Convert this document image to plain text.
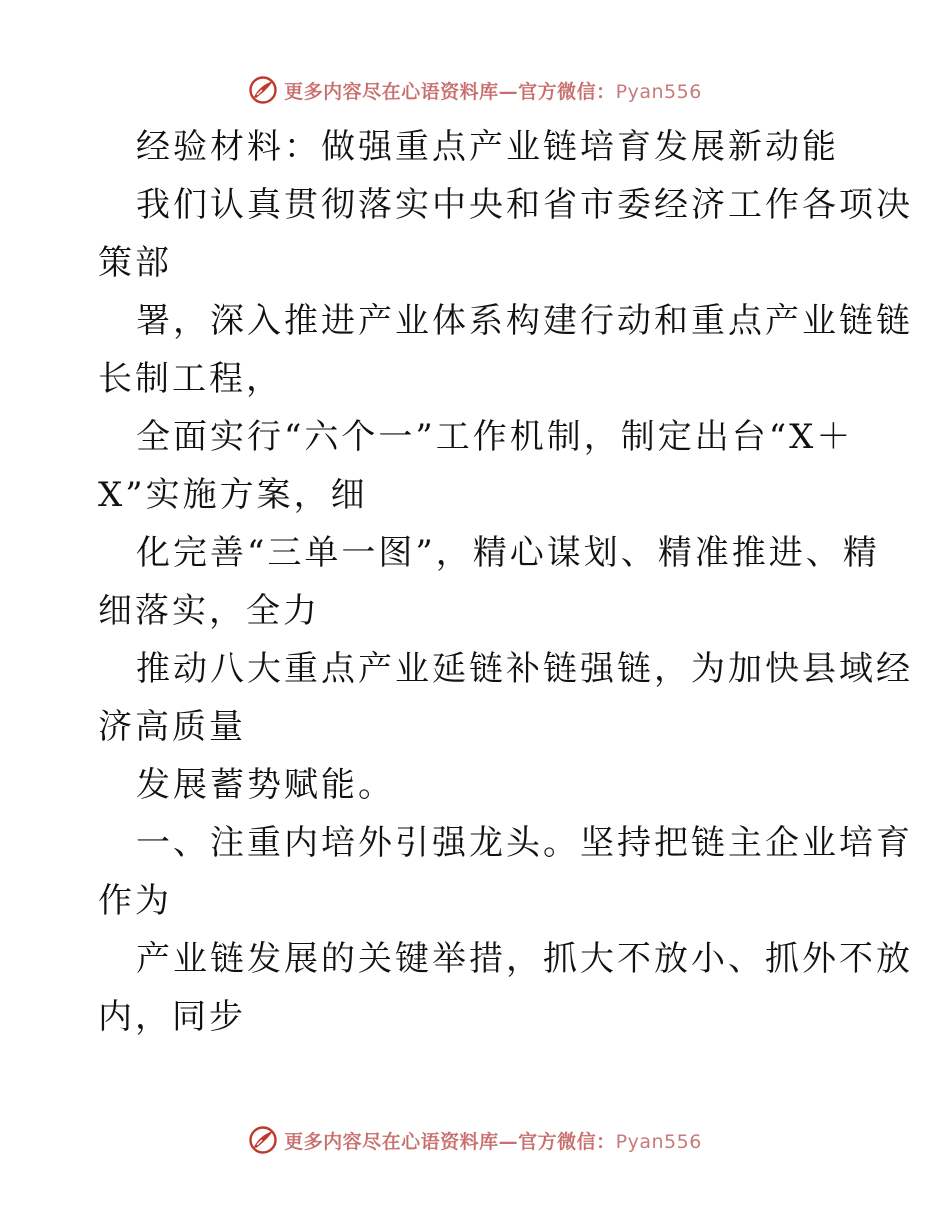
更多内容尽在心语资料库—官方微信：Pyan556
经验材料：做强重点产业链培育发展新动能
我们认真贯彻落实中央和省市委经济工作各项决
策部
署，深入推进产业体系构建行动和重点产业链链
长制工程，
全面实行“六个一”工作机制，制定出台“X＋
X”实施方案，细
化完善“三单一图”，精心谋划、精准推进、精
细落实，全力
推动八大重点产业延链补链强链，为加快县域经
济高质量
发展蓄势赋能。
一、注重内培外引强龙头。坚持把链主企业培育
作为
产业链发展的关键举措，抓大不放小、抓外不放
内，同步
更多内容尽在心语资料库—官方微信：Pyan556
